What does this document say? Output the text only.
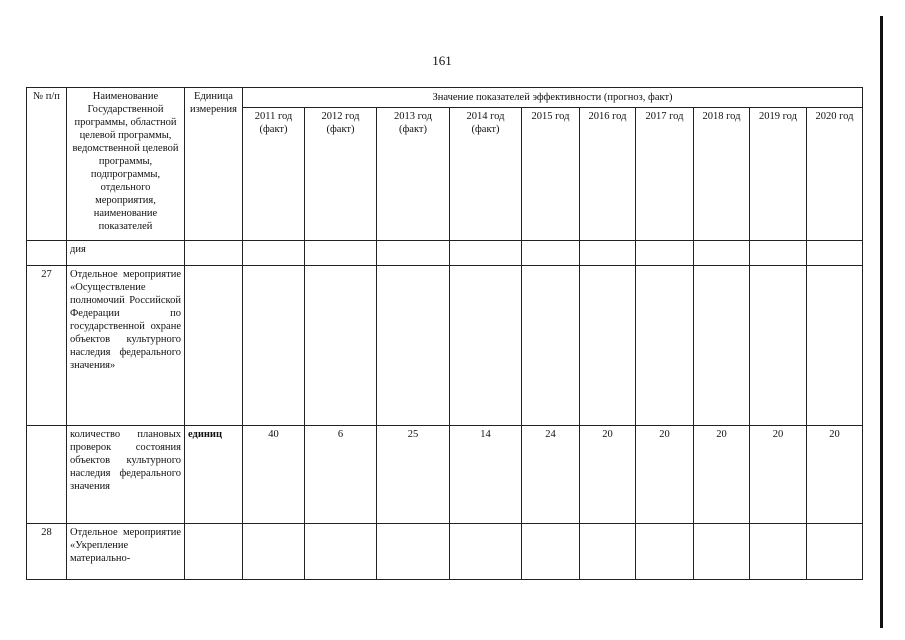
161
№ п/п	Наименование Государственной программы, областной целевой программы, ведомственной целевой программы, подпрограммы, отдельного мероприятия, наименование показателей	Единица измерения	Значение показателей эффективности (прогноз, факт)									
			2011 год (факт)	2012 год (факт)	2013 год (факт)	2014 год (факт)	2015 год	2016 год	2017 год	2018 год	2019 год	2020 год
	дия											
27	Отдельное мероприятие «Осуществление полномочий Российской Федерации по государственной охране объектов культурного наследия федерального значения»											
	количество плановых проверок состояния объектов культурного наследия федерального значения	единиц	40	6	25	14	24	20	20	20	20	20
28	Отдельное мероприятие «Укрепление материально-											
